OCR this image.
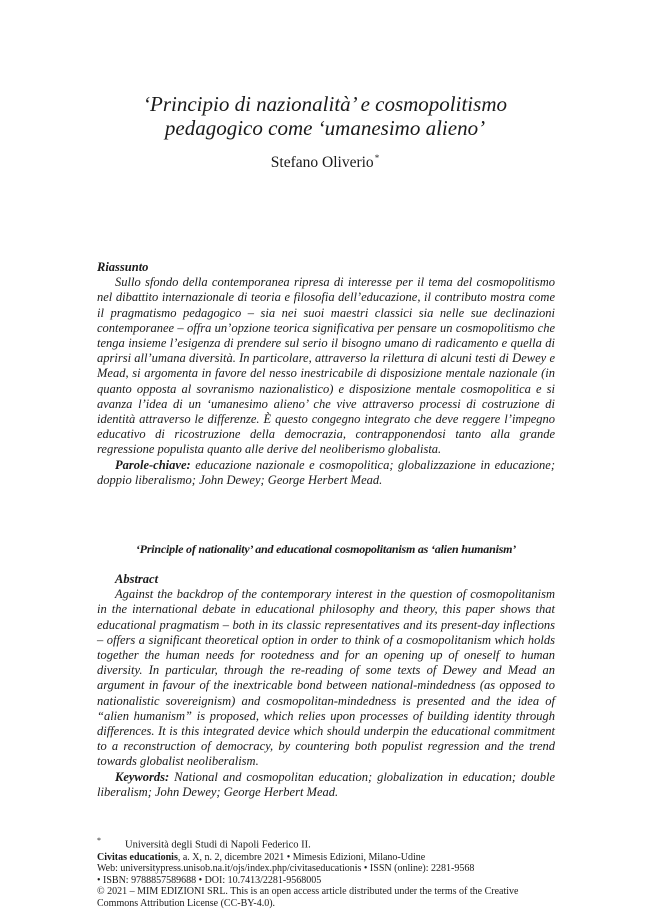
‘Principio di nazionalità’ e cosmopolitismo
pedagogico come ‘umanesimo alieno’
Stefano Oliverio*

Riassunto

Sullo sfondo della contemporanea ripresa di interesse per il tema del cosmopolitismo nel dibattito internazionale di teoria e filosofia dell’educazione, il contributo mostra come il pragmatismo pedagogico – sia nei suoi maestri classici sia nelle sue declinazioni contemporanee – offra un’opzione teorica significativa per pensare un cosmopolitismo che tenga insieme l’esigenza di prendere sul serio il bisogno umano di radicamento e quella di aprirsi all’umana diversità. In particolare, attraverso la rilettura di alcuni testi di Dewey e Mead, si argomenta in favore del nesso inestricabile di disposizione mentale nazionale (in quanto opposta al sovranismo nazionalistico) e disposizione mentale cosmopolitica e si avanza l’idea di un ‘umanesimo alieno’ che vive attraverso processi di costruzione di identità attraverso le differenze. È questo congegno integrato che deve reggere l’impegno educativo di ricostruzione della democrazia, contrapponendosi tanto alla grande regressione populista quanto alle derive del neoliberismo globalista.

Parole-chiave: educazione nazionale e cosmopolitica; globalizzazione in educazione; doppio liberalismo; John Dewey; George Herbert Mead.

‘Principle of nationality’ and educational cosmopolitanism as ‘alien humanism’

Abstract

Against the backdrop of the contemporary interest in the question of cosmopolitanism in the international debate in educational philosophy and theory, this paper shows that educational pragmatism – both in its classic representatives and its present-day inflections – offers a significant theoretical option in order to think of a cosmopolitanism which holds together the human needs for rootedness and for an opening up of oneself to human diversity. In particular, through the re-reading of some texts of Dewey and Mead an argument in favour of the inextricable bond between national-mindedness (as opposed to nationalistic sovereignism) and cosmopolitan-mindedness is presented and the idea of “alien humanism” is proposed, which relies upon processes of building identity through differences. It is this integrated device which should underpin the educational commitment to a reconstruction of democracy, by countering both populist regression and the trend towards globalist neoliberalism.

Keywords: National and cosmopolitan education; globalization in education; double liberalism; John Dewey; George Herbert Mead.

* Università degli Studi di Napoli Federico II.
Civitas educationis, a. X, n. 2, dicembre 2021 • Mimesis Edizioni, Milano-Udine
Web: universitypress.unisob.na.it/ojs/index.php/civitaseducationis • ISSN (online): 2281-9568
• ISBN: 9788857589688 • DOI: 10.7413/2281-9568005
© 2021 – MIM EDIZIONI SRL. This is an open access article distributed under the terms of the Creative
Commons Attribution License (CC-BY-4.0).
